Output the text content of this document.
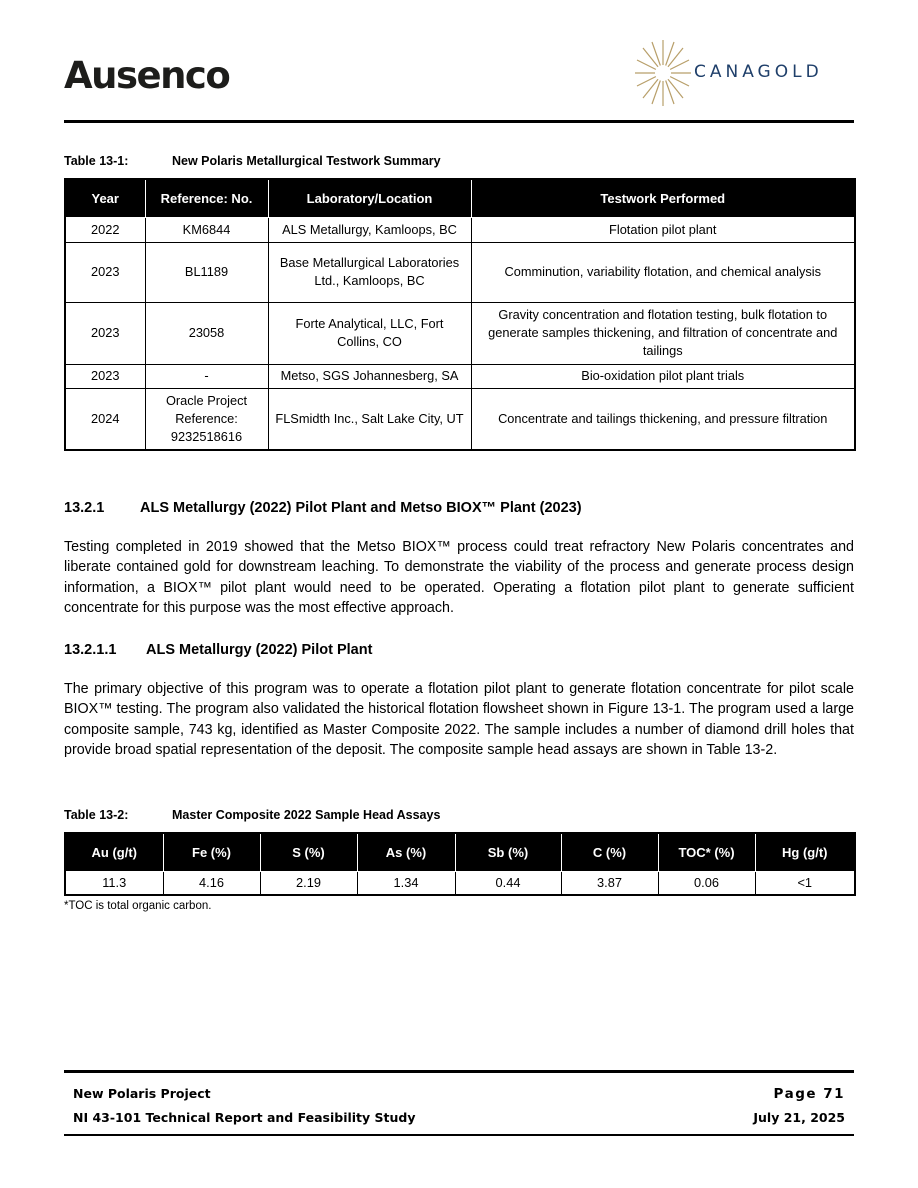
Ausenco	CANAGOLD
Table 13-1:	New Polaris Metallurgical Testwork Summary
Year	Reference: No.	Laboratory/Location	Testwork Performed
2022	KM6844	ALS Metallurgy, Kamloops, BC	Flotation pilot plant
2023	BL1189	Base Metallurgical Laboratories Ltd., Kamloops, BC	Comminution, variability flotation, and chemical analysis
2023	23058	Forte Analytical, LLC, Fort Collins, CO	Gravity concentration and flotation testing, bulk flotation to generate samples thickening, and filtration of concentrate and tailings
2023	-	Metso, SGS Johannesberg, SA	Bio-oxidation pilot plant trials
2024	Oracle Project Reference: 9232518616	FLSmidth Inc., Salt Lake City, UT	Concentrate and tailings thickening, and pressure filtration
13.2.1 ALS Metallurgy (2022) Pilot Plant and Metso BIOX™ Plant (2023)
Testing completed in 2019 showed that the Metso BIOX™ process could treat refractory New Polaris concentrates and liberate contained gold for downstream leaching. To demonstrate the viability of the process and generate process design information, a BIOX™ pilot plant would need to be operated. Operating a flotation pilot plant to generate sufficient concentrate for this purpose was the most effective approach.
13.2.1.1 ALS Metallurgy (2022) Pilot Plant
The primary objective of this program was to operate a flotation pilot plant to generate flotation concentrate for pilot scale BIOX™ testing. The program also validated the historical flotation flowsheet shown in Figure 13-1. The program used a large composite sample, 743 kg, identified as Master Composite 2022. The sample includes a number of diamond drill holes that provide broad spatial representation of the deposit. The composite sample head assays are shown in Table 13-2.
Table 13-2:	Master Composite 2022 Sample Head Assays
Au (g/t)	Fe (%)	S (%)	As (%)	Sb (%)	C (%)	TOC* (%)	Hg (g/t)
11.3	4.16	2.19	1.34	0.44	3.87	0.06	<1
*TOC is total organic carbon.
New Polaris Project	Page 71
NI 43-101 Technical Report and Feasibility Study	July 21, 2025
